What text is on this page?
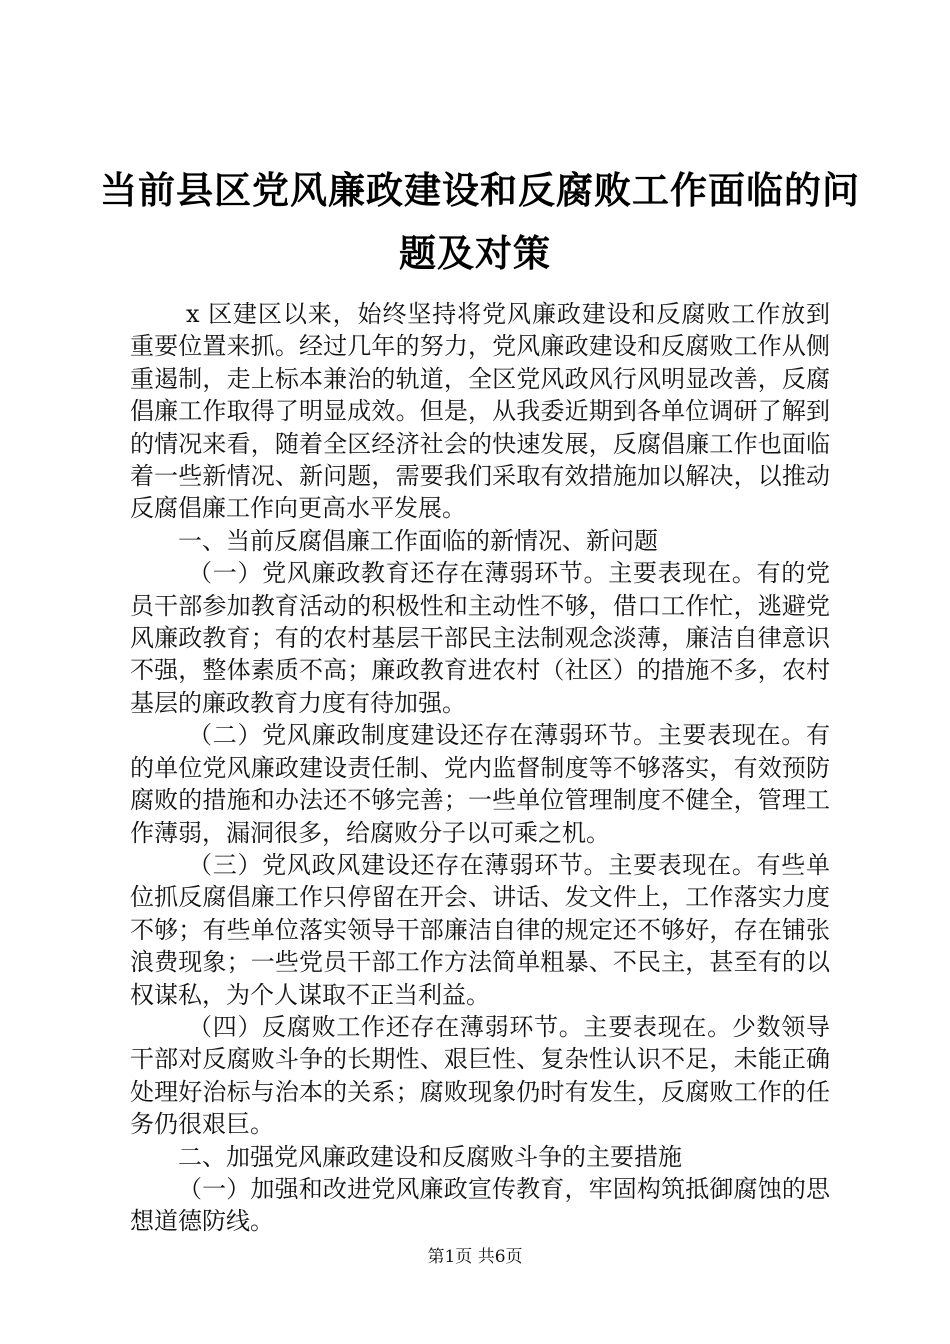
当前县区党风廉政建设和反腐败工作面临的问
题及对策

x 区建区以来，始终坚持将党风廉政建设和反腐败工作放到重要位置来抓。经过几年的努力，党风廉政建设和反腐败工作从侧重遏制，走上标本兼治的轨道，全区党风政风行风明显改善，反腐倡廉工作取得了明显成效。但是，从我委近期到各单位调研了解到的情况来看，随着全区经济社会的快速发展，反腐倡廉工作也面临着一些新情况、新问题，需要我们采取有效措施加以解决，以推动反腐倡廉工作向更高水平发展。

一、当前反腐倡廉工作面临的新情况、新问题

（一）党风廉政教育还存在薄弱环节。主要表现在。有的党员干部参加教育活动的积极性和主动性不够，借口工作忙，逃避党风廉政教育；有的农村基层干部民主法制观念淡薄，廉洁自律意识不强，整体素质不高；廉政教育进农村（社区）的措施不多，农村基层的廉政教育力度有待加强。

（二）党风廉政制度建设还存在薄弱环节。主要表现在。有的单位党风廉政建设责任制、党内监督制度等不够落实，有效预防腐败的措施和办法还不够完善；一些单位管理制度不健全，管理工作薄弱，漏洞很多，给腐败分子以可乘之机。

（三）党风政风建设还存在薄弱环节。主要表现在。有些单位抓反腐倡廉工作只停留在开会、讲话、发文件上，工作落实力度不够；有些单位落实领导干部廉洁自律的规定还不够好，存在铺张浪费现象；一些党员干部工作方法简单粗暴、不民主，甚至有的以权谋私，为个人谋取不正当利益。

（四）反腐败工作还存在薄弱环节。主要表现在。少数领导干部对反腐败斗争的长期性、艰巨性、复杂性认识不足，未能正确处理好治标与治本的关系；腐败现象仍时有发生，反腐败工作的任务仍很艰巨。

二、加强党风廉政建设和反腐败斗争的主要措施

（一）加强和改进党风廉政宣传教育，牢固构筑抵御腐蚀的思想道德防线。

第1页 共6页
